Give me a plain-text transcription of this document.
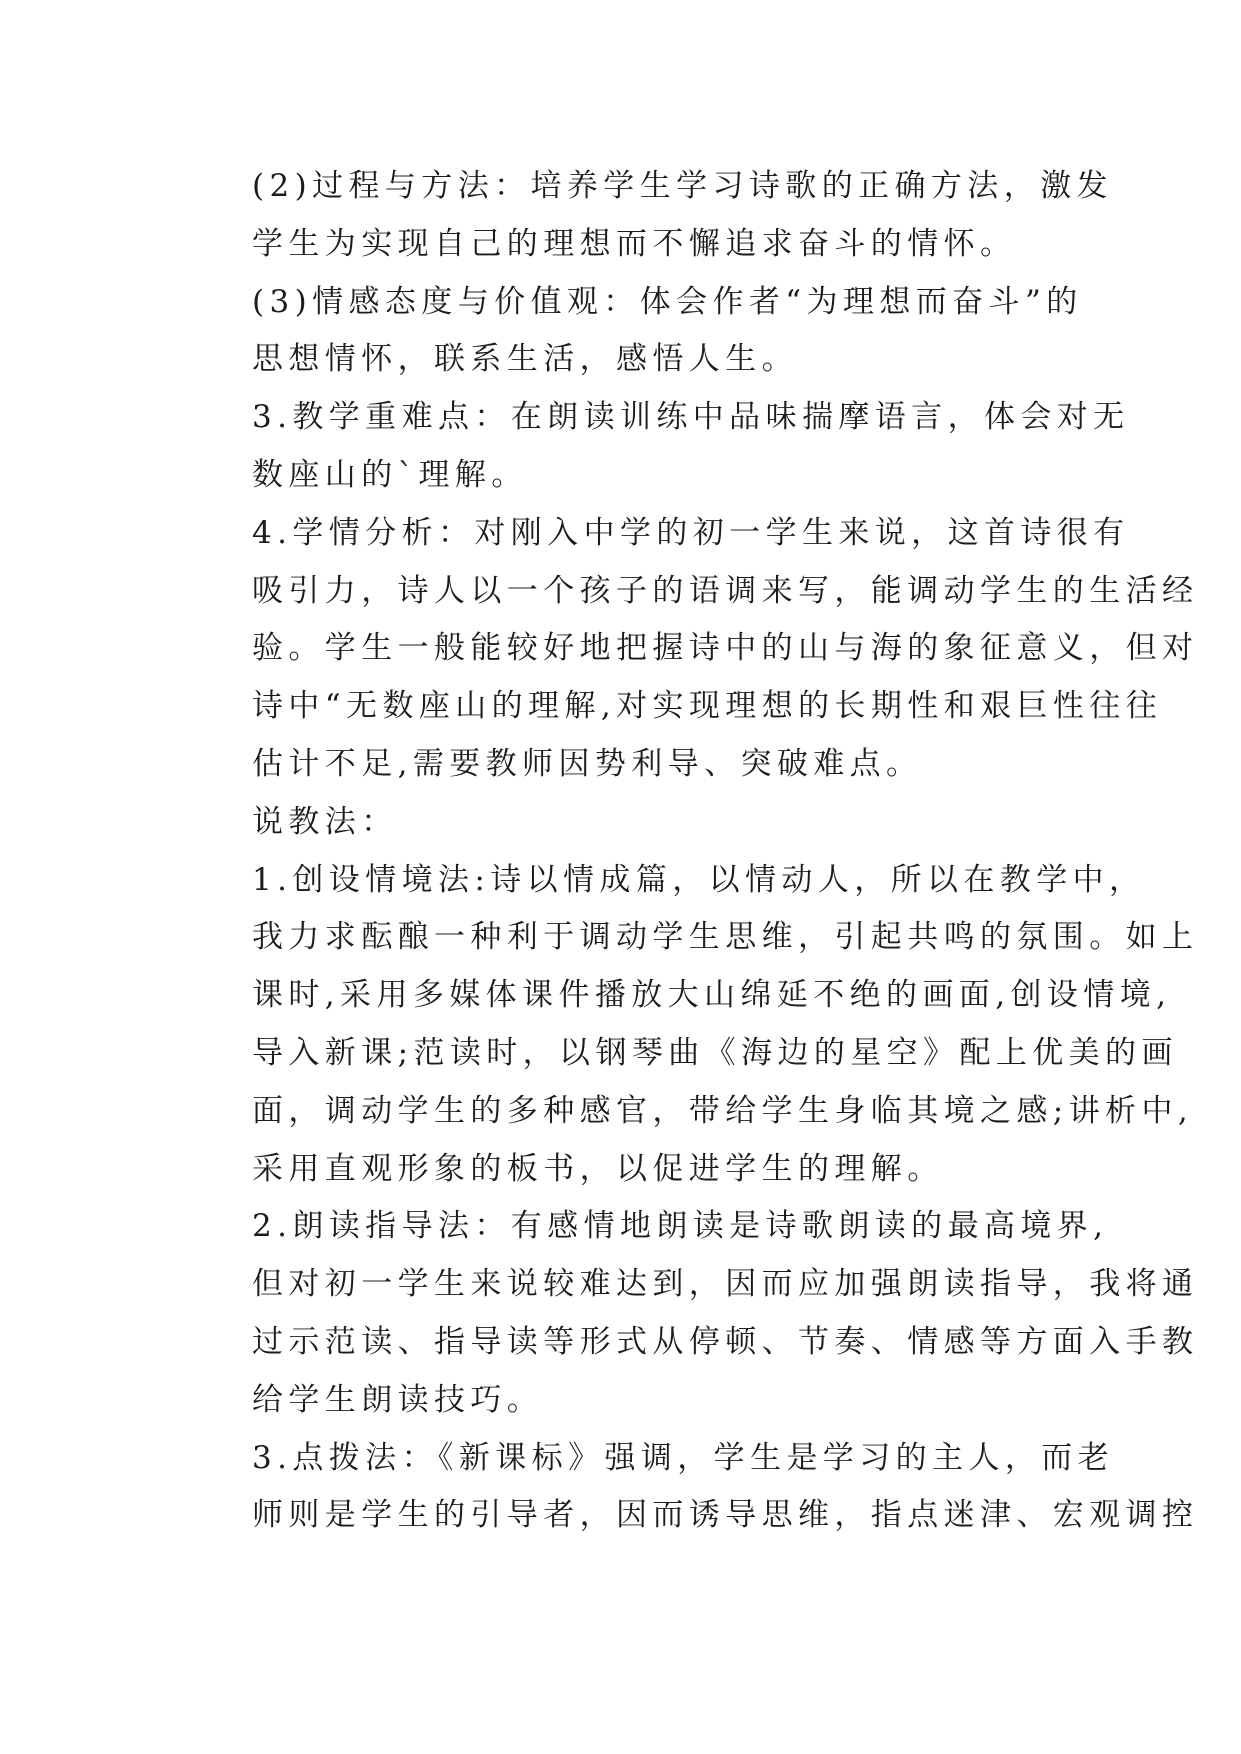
(2)过程与方法：培养学生学习诗歌的正确方法，激发
学生为实现自己的理想而不懈追求奋斗的情怀。

(3)情感态度与价值观：体会作者“为理想而奋斗”的
思想情怀，联系生活，感悟人生。

3.教学重难点：在朗读训练中品味揣摩语言，体会对无
数座山的`理解。

4.学情分析：对刚入中学的初一学生来说，这首诗很有
吸引力，诗人以一个孩子的语调来写，能调动学生的生活经
验。学生一般能较好地把握诗中的山与海的象征意义，但对
诗中“无数座山的理解,对实现理想的长期性和艰巨性往往
估计不足,需要教师因势利导、突破难点。

说教法：

1.创设情境法:诗以情成篇，以情动人，所以在教学中，
我力求酝酿一种利于调动学生思维，引起共鸣的氛围。如上
课时,采用多媒体课件播放大山绵延不绝的画面,创设情境,
导入新课;范读时，以钢琴曲《海边的星空》配上优美的画
面，调动学生的多种感官，带给学生身临其境之感;讲析中,
采用直观形象的板书，以促进学生的理解。

2.朗读指导法：有感情地朗读是诗歌朗读的最高境界,
但对初一学生来说较难达到，因而应加强朗读指导，我将通
过示范读、指导读等形式从停顿、节奏、情感等方面入手教
给学生朗读技巧。

3.点拨法：《新课标》强调，学生是学习的主人，而老
师则是学生的引导者，因而诱导思维，指点迷津、宏观调控
